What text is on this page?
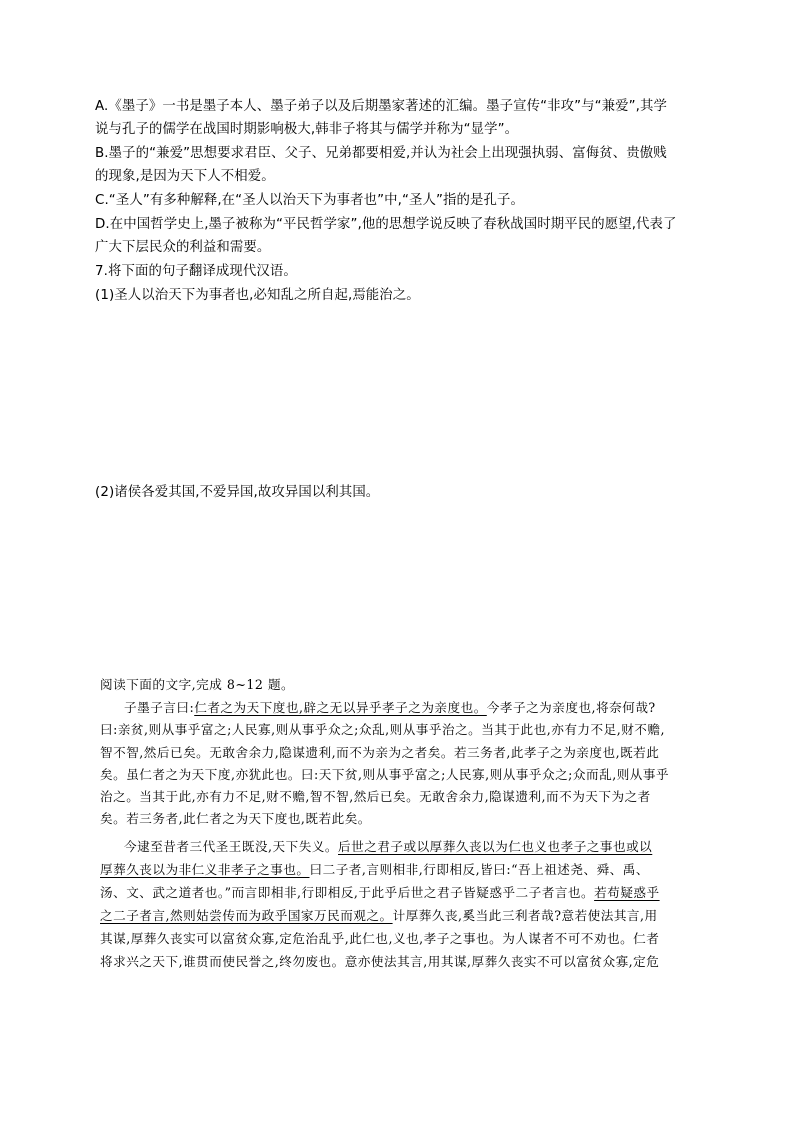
A.《墨子》一书是墨子本人、墨子弟子以及后期墨家著述的汇编。墨子宣传“非攻”与“兼爱”,其学
说与孔子的儒学在战国时期影响极大,韩非子将其与儒学并称为“显学”。
B.墨子的“兼爱”思想要求君臣、父子、兄弟都要相爱,并认为社会上出现强执弱、富侮贫、贵傲贱
的现象,是因为天下人不相爱。
C.“圣人”有多种解释,在“圣人以治天下为事者也”中,“圣人”指的是孔子。
D.在中国哲学史上,墨子被称为“平民哲学家”,他的思想学说反映了春秋战国时期平民的愿望,代表了
广大下层民众的利益和需要。
7.将下面的句子翻译成现代汉语。
(1)圣人以治天下为事者也,必知乱之所自起,焉能治之。
(2)诸侯各爱其国,不爱异国,故攻异国以利其国。
阅读下面的文字,完成 8~12 题。
子墨子言曰:仁者之为天下度也,辟之无以异乎孝子之为亲度也。今孝子之为亲度也,将奈何哉?
曰:亲贫,则从事乎富之;人民寡,则从事乎众之;众乱,则从事乎治之。当其于此也,亦有力不足,财不赡,
智不智,然后已矣。无敢舍余力,隐谋遗利,而不为亲为之者矣。若三务者,此孝子之为亲度也,既若此
矣。虽仁者之为天下度,亦犹此也。曰:天下贫,则从事乎富之;人民寡,则从事乎众之;众而乱,则从事乎
治之。当其于此,亦有力不足,财不赡,智不智,然后已矣。无敢舍余力,隐谋遗利,而不为天下为之者
矣。若三务者,此仁者之为天下度也,既若此矣。
今逮至昔者三代圣王既没,天下失义。后世之君子或以厚葬久丧以为仁也义也孝子之事也或以
厚葬久丧以为非仁义非孝子之事也。曰二子者,言则相非,行即相反,皆曰:“吾上祖述尧、舜、禹、
汤、文、武之道者也。”而言即相非,行即相反,于此乎后世之君子皆疑惑乎二子者言也。若苟疑惑乎
之二子者言,然则姑尝传而为政乎国家万民而观之。计厚葬久丧,奚当此三利者哉?意若使法其言,用
其谋,厚葬久丧实可以富贫众寡,定危治乱乎,此仁也,义也,孝子之事也。为人谋者不可不劝也。仁者
将求兴之天下,谁贯而使民誉之,终勿废也。意亦使法其言,用其谋,厚葬久丧实不可以富贫众寡,定危
